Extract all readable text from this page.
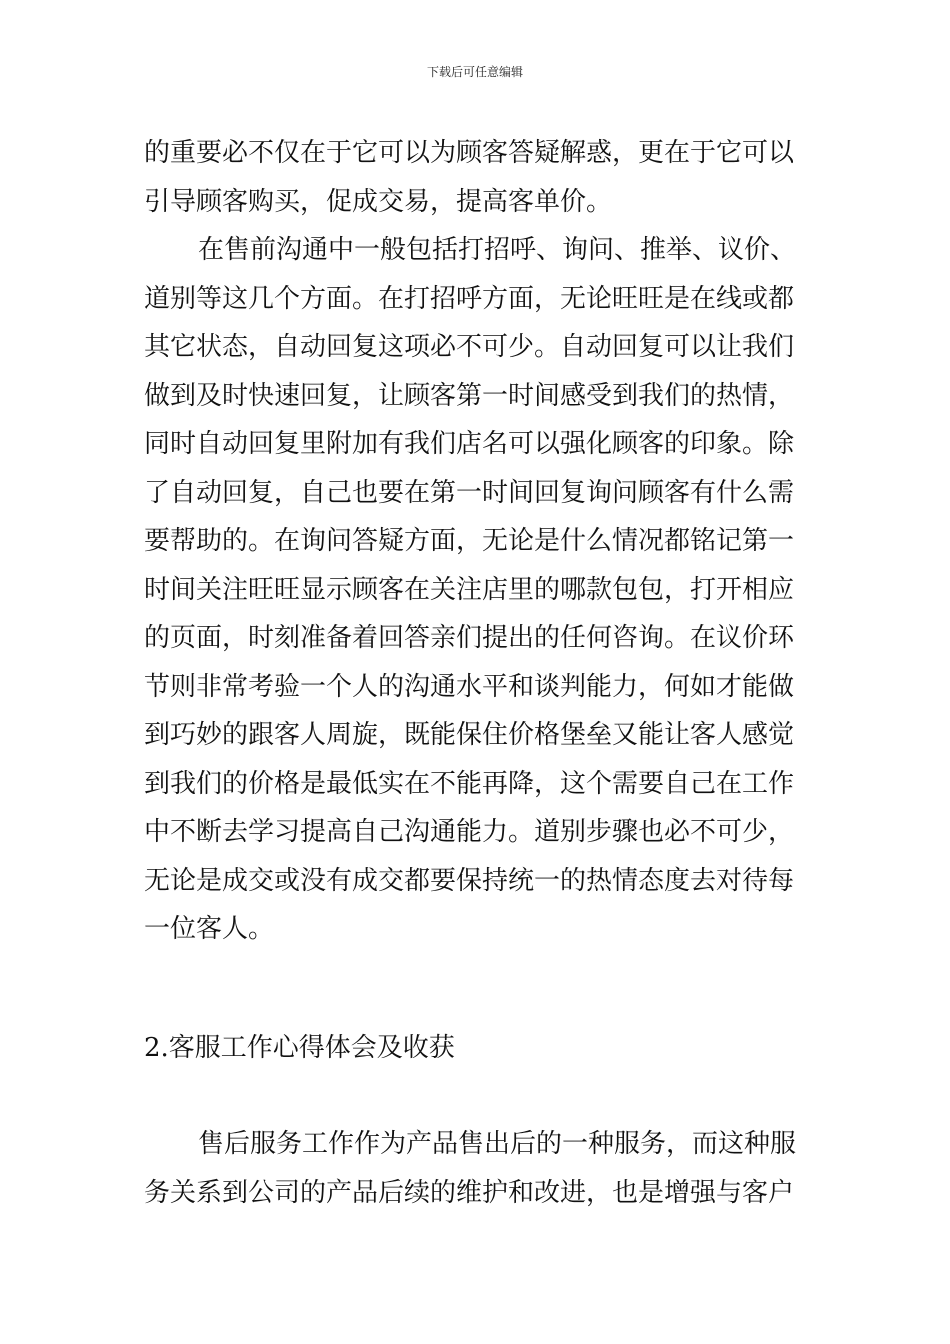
下载后可任意编辑

的重要必不仅在于它可以为顾客答疑解惑，更在于它可以
引导顾客购买，促成交易，提高客单价。

在售前沟通中一般包括打招呼、询问、推举、议价、
道别等这几个方面。在打招呼方面，无论旺旺是在线或都
其它状态，自动回复这项必不可少。自动回复可以让我们
做到及时快速回复，让顾客第一时间感受到我们的热情，
同时自动回复里附加有我们店名可以强化顾客的印象。除
了自动回复，自己也要在第一时间回复询问顾客有什么需
要帮助的。在询问答疑方面，无论是什么情况都铭记第一
时间关注旺旺显示顾客在关注店里的哪款包包，打开相应
的页面，时刻准备着回答亲们提出的任何咨询。在议价环
节则非常考验一个人的沟通水平和谈判能力，何如才能做
到巧妙的跟客人周旋，既能保住价格堡垒又能让客人感觉
到我们的价格是最低实在不能再降，这个需要自己在工作
中不断去学习提高自己沟通能力。道别步骤也必不可少，
无论是成交或没有成交都要保持统一的热情态度去对待每
一位客人。

2.客服工作心得体会及收获

售后服务工作作为产品售出后的一种服务，而这种服
务关系到公司的产品后续的维护和改进，也是增强与客户
